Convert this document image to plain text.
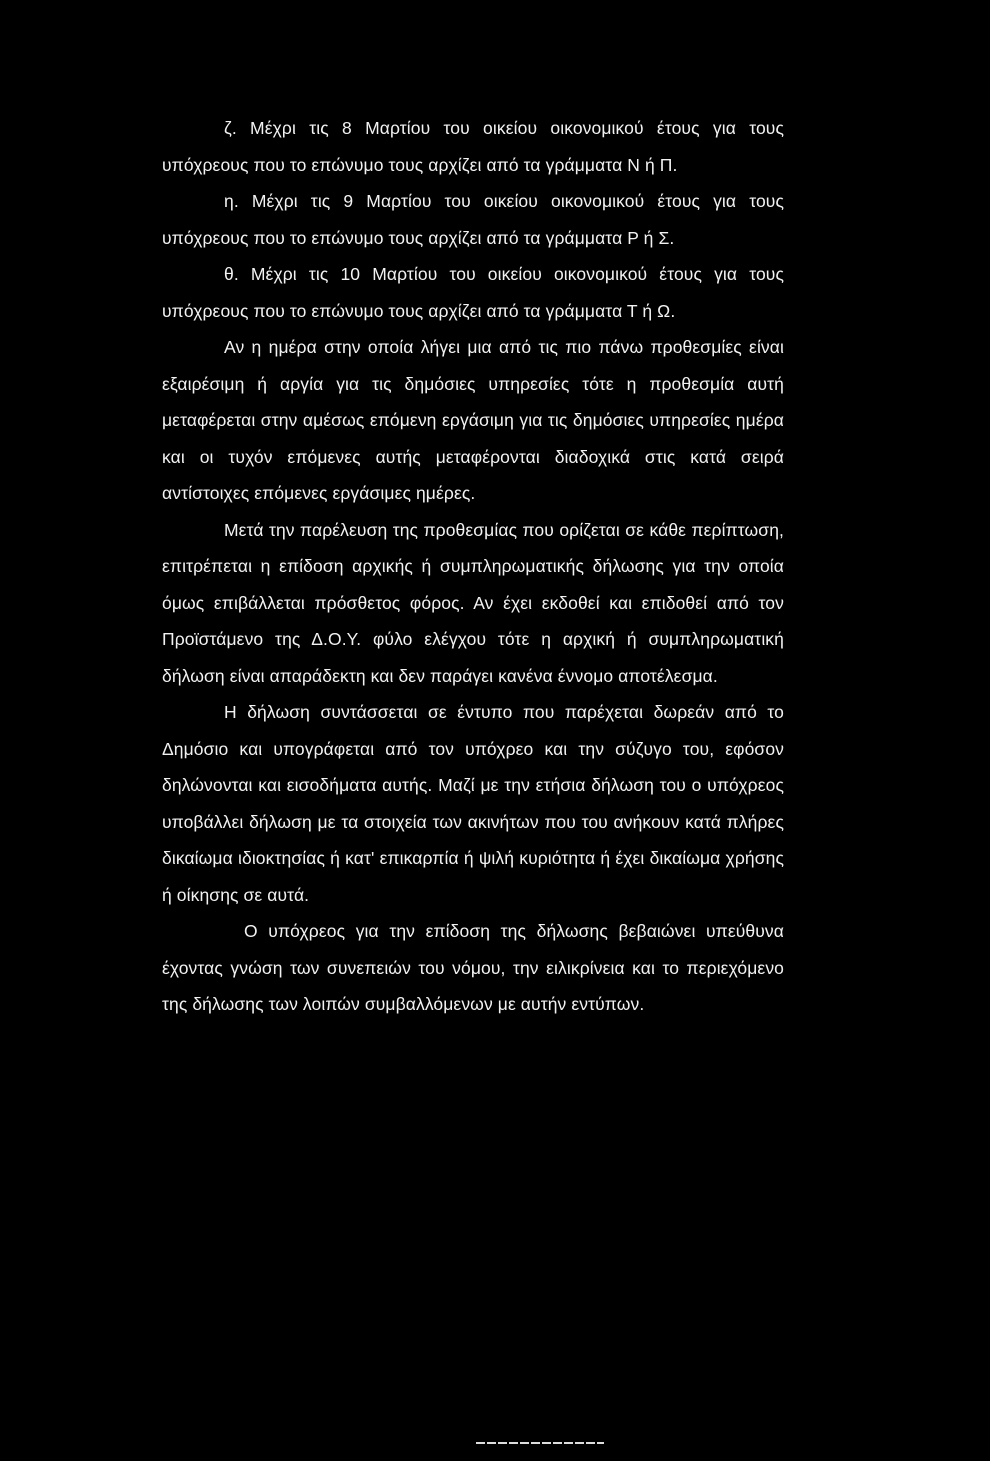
ζ. Μέχρι τις 8 Μαρτίου του οικείου οικονομικού έτους για τους υπόχρεους που το επώνυμο τους αρχίζει από τα γράμματα Ν ή Π.

η. Μέχρι τις 9 Μαρτίου του οικείου οικονομικού έτους για τους υπόχρεους που το επώνυμο τους αρχίζει από τα γράμματα Ρ ή Σ.

θ. Μέχρι τις 10 Μαρτίου του οικείου οικονομικού έτους για τους υπόχρεους που το επώνυμο τους αρχίζει από τα γράμματα Τ ή Ω.

Αν η ημέρα στην οποία λήγει μια από τις πιο πάνω προθεσμίες είναι εξαιρέσιμη ή αργία για τις δημόσιες υπηρεσίες τότε η προθεσμία αυτή μεταφέρεται στην αμέσως επόμενη εργάσιμη για τις δημόσιες υπηρεσίες ημέρα και οι τυχόν επόμενες αυτής μεταφέρονται διαδοχικά στις κατά σειρά αντίστοιχες επόμενες εργάσιμες ημέρες.

Μετά την παρέλευση της προθεσμίας που ορίζεται σε κάθε περίπτωση, επιτρέπεται η επίδοση αρχικής ή συμπληρωματικής δήλωσης για την οποία όμως επιβάλλεται πρόσθετος φόρος. Αν έχει εκδοθεί και επιδοθεί από τον Προϊστάμενο της Δ.Ο.Υ. φύλο ελέγχου τότε η αρχική ή συμπληρωματική δήλωση είναι απαράδεκτη και δεν παράγει κανένα έννομο αποτέλεσμα.

Η δήλωση συντάσσεται σε έντυπο που παρέχεται δωρεάν από το Δημόσιο και υπογράφεται από τον υπόχρεο και την σύζυγο του, εφόσον δηλώνονται και εισοδήματα αυτής. Μαζί με την ετήσια δήλωση του ο υπόχρεος υποβάλλει δήλωση με τα στοιχεία των ακινήτων που του ανήκουν κατά πλήρες δικαίωμα ιδιοκτησίας ή κατ' επικαρπία ή ψιλή κυριότητα ή έχει δικαίωμα χρήσης ή οίκησης σε αυτά.

Ο υπόχρεος για την επίδοση της δήλωσης βεβαιώνει υπεύθυνα έχοντας γνώση των συνεπειών του νόμου, την ειλικρίνεια και το περιεχόμενο της δήλωσης των λοιπών συμβαλλόμενων με αυτήν εντύπων.
